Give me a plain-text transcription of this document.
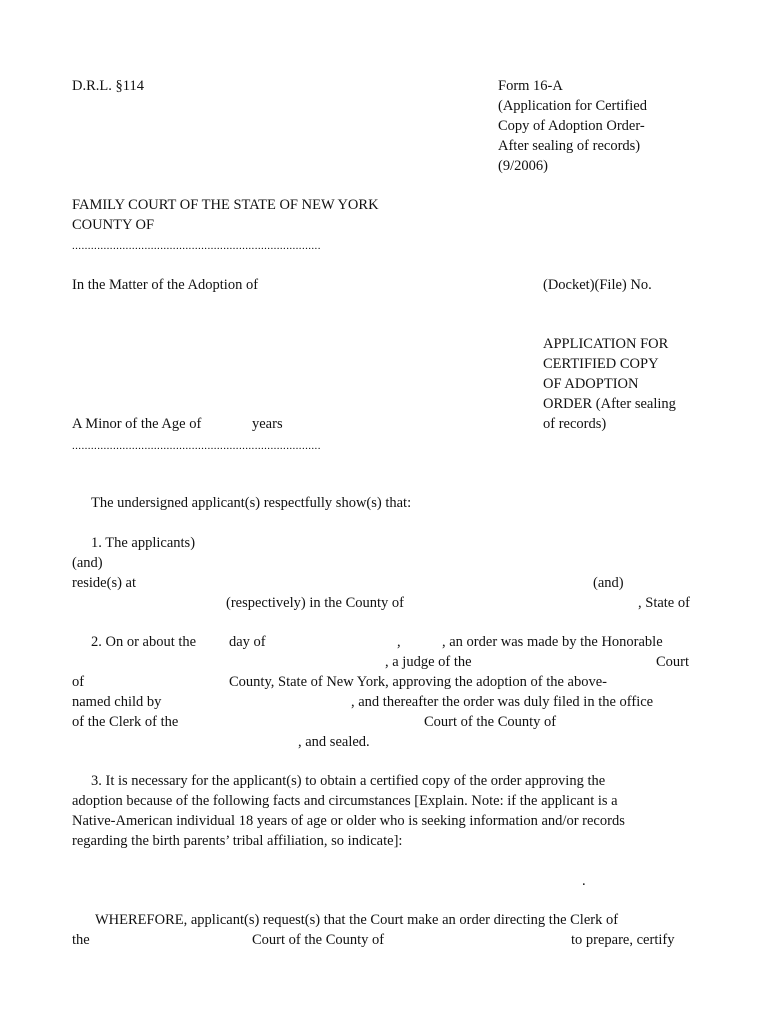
D.R.L. §114	Form 16-A
(Application for Certified
Copy of Adoption Order-
After sealing of records)
(9/2006)
FAMILY COURT OF THE STATE OF NEW YORK
COUNTY OF
...............................................................................
In the Matter of the Adoption of	(Docket)(File) No.
APPLICATION FOR
CERTIFIED COPY
OF ADOPTION
ORDER (After sealing
of records)
A Minor of the Age of	years
...............................................................................
The undersigned applicant(s) respectfully show(s) that:
1. The applicants)
(and)
reside(s) at	(and)
(respectively) in the County of	, State of
2. On or about the day of	,	, an order was made by the Honorable
, a judge of the	Court
of	County, State of New York, approving the adoption of the above-
named child by	, and thereafter the order was duly filed in the office
of the Clerk of the	Court of the County of
, and sealed.
3. It is necessary for the applicant(s) to obtain a certified copy of the order approving the
adoption because of the following facts and circumstances [Explain. Note: if the applicant is a
Native-American individual 18 years of age or older who is seeking information and/or records
regarding the birth parents’ tribal affiliation, so indicate]:
.
WHEREFORE, applicant(s) request(s) that the Court make an order directing the Clerk of
the	Court of the County of	to prepare, certify
